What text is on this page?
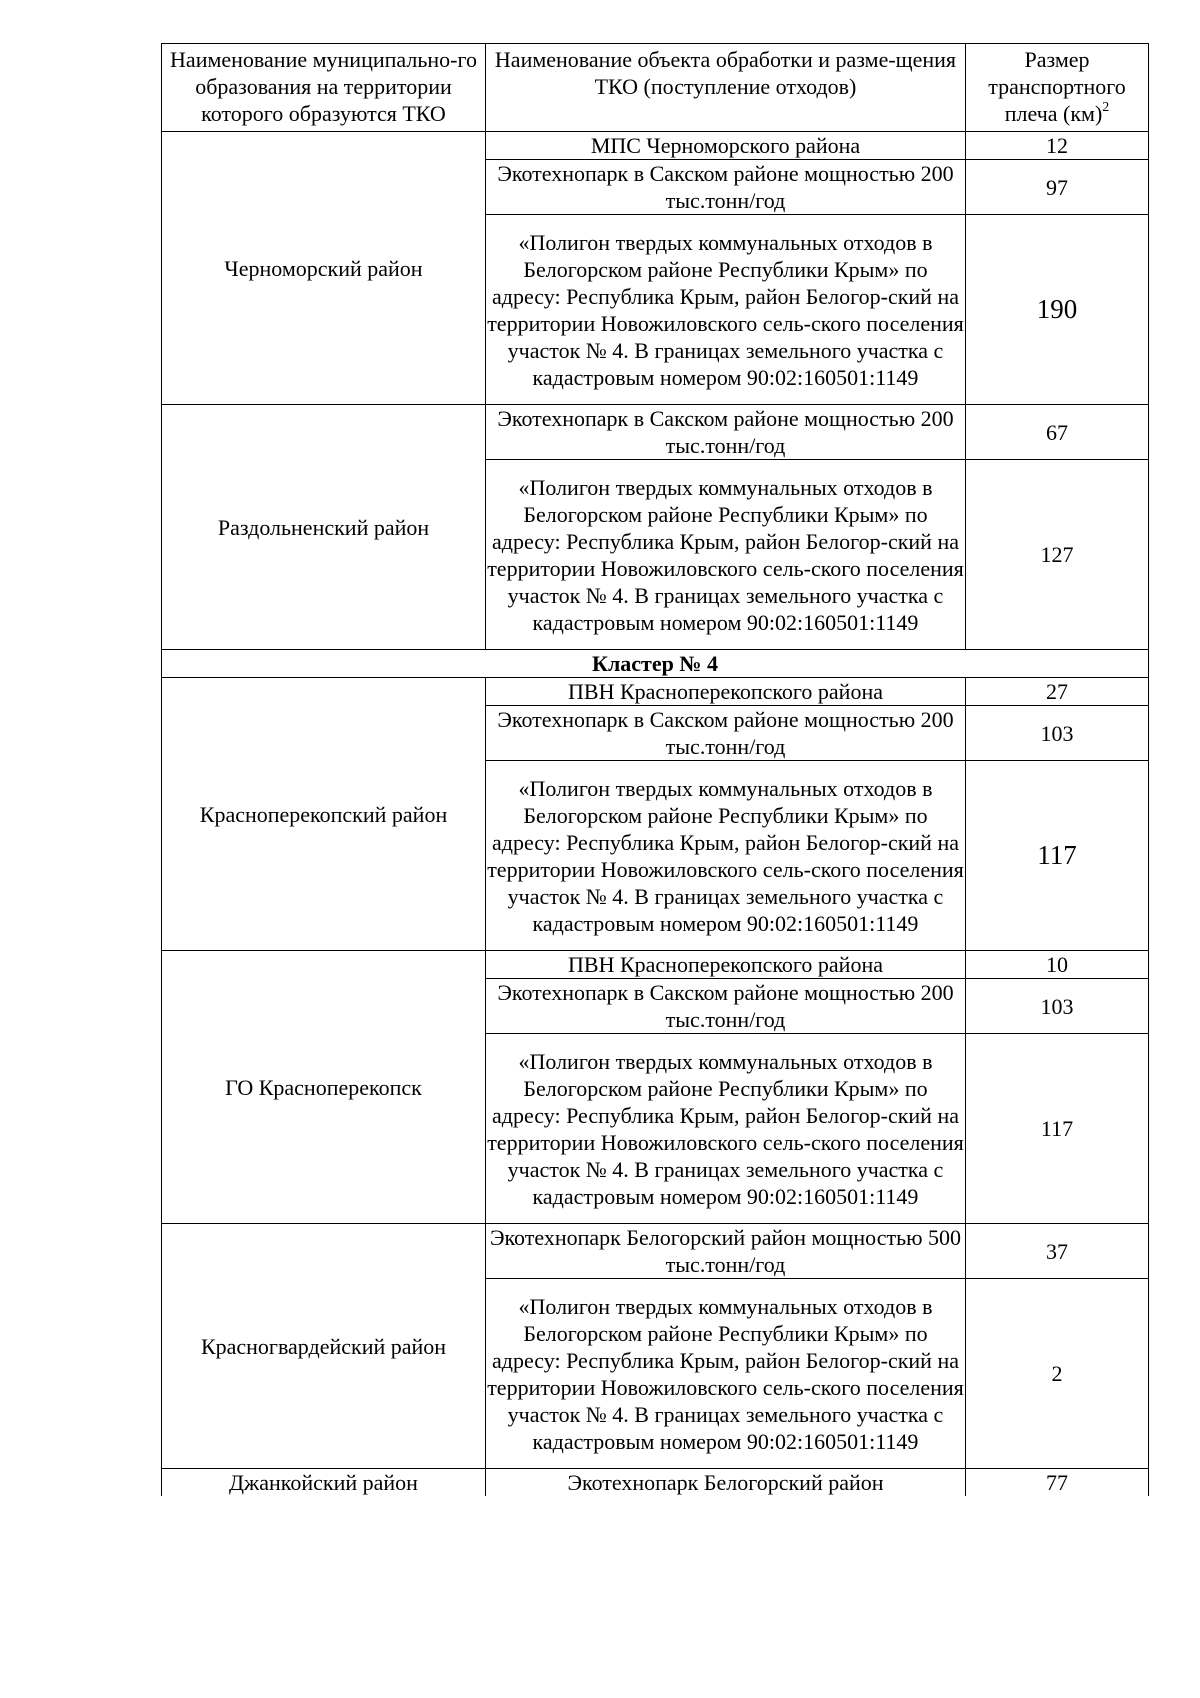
Наименование муниципально-го образования на территории которого образуются ТКО	Наименование объекта обработки и разме-щения ТКО (поступление отходов)	Размер транспортного плеча (км)$^2$
Черноморский район	МПС Черноморского района	12
	Экотехнопарк в Сакском районе мощностью 200 тыс.тонн/год	97
	«Полигон твердых коммунальных отходов в Белогорском районе Республики Крым» по адресу: Республика Крым, район Белогор-ский на территории Новожиловского сель-ского поселения участок № 4. В границах земельного участка с кадастровым номером 90:02:160501:1149	190
Раздольненский район	Экотехнопарк в Сакском районе мощностью 200 тыс.тонн/год	67
	«Полигон твердых коммунальных отходов в Белогорском районе Республики Крым» по адресу: Республика Крым, район Белогор-ский на территории Новожиловского сель-ского поселения участок № 4. В границах земельного участка с кадастровым номером 90:02:160501:1149	127
Кластер № 4		
Красноперекопский район	ПВН Красноперекопского района	27
	Экотехнопарк в Сакском районе мощностью 200 тыс.тонн/год	103
	«Полигон твердых коммунальных отходов в Белогорском районе Республики Крым» по адресу: Республика Крым, район Белогор-ский на территории Новожиловского сель-ского поселения участок № 4. В границах земельного участка с кадастровым номером 90:02:160501:1149	117
ГО Красноперекопск	ПВН Красноперекопского района	10
	Экотехнопарк в Сакском районе мощностью 200 тыс.тонн/год	103
	«Полигон твердых коммунальных отходов в Белогорском районе Республики Крым» по адресу: Республика Крым, район Белогор-ский на территории Новожиловского сель-ского поселения участок № 4. В границах земельного участка с кадастровым номером 90:02:160501:1149	117
Красногвардейский район	Экотехнопарк Белогорский район мощностью 500 тыс.тонн/год	37
	«Полигон твердых коммунальных отходов в Белогорском районе Республики Крым» по адресу: Республика Крым, район Белогор-ский на территории Новожиловского сель-ского поселения участок № 4. В границах земельного участка с кадастровым номером 90:02:160501:1149	2
Джанкойский район	Экотехнопарк Белогорский район	77
